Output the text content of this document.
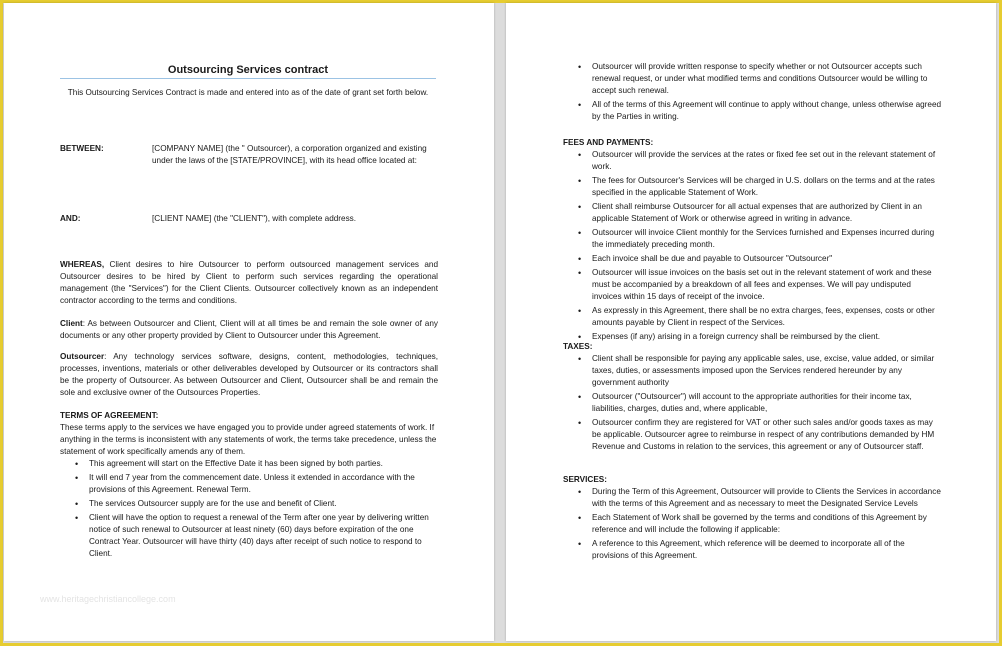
Outsourcing Services contract
This Outsourcing Services Contract is made and entered into as of the date of grant set forth below.
BETWEEN:	[COMPANY NAME] (the " Outsourcer), a corporation organized and existing under the laws of the [STATE/PROVINCE], with its head office located at:
AND:	[CLIENT NAME] (the "CLIENT"), with complete address.
WHEREAS, Client desires to hire Outsourcer to perform outsourced management services and Outsourcer desires to be hired by Client to perform such services regarding the operational management (the "Services") for the Client Clients. Outsourcer collectively known as an independent contractor according to the terms and conditions.
Client: As between Outsourcer and Client, Client will at all times be and remain the sole owner of any documents or any other property provided by Client to Outsourcer under this Agreement.
Outsourcer: Any technology services software, designs, content, methodologies, techniques, processes, inventions, materials or other deliverables developed by Outsourcer or its contractors shall be the property of Outsourcer. As between Outsourcer and Client, Outsourcer shall be and remain the sole and exclusive owner of the Outsources Properties.
TERMS OF AGREEMENT:
These terms apply to the services we have engaged you to provide under agreed statements of work. If anything in the terms is inconsistent with any statements of work, the terms take precedence, unless the statement of work specifically amends any of them.
• This agreement will start on the Effective Date it has been signed by both parties.
• It will end 7 year from the commencement date. Unless it extended in accordance with the provisions of this Agreement. Renewal Term.
• The services Outsourcer supply are for the use and benefit of Client.
• Client will have the option to request a renewal of the Term after one year by delivering written notice of such renewal to Outsourcer at least ninety (60) days before expiration of the one Contract Year. Outsourcer will have thirty (40) days after receipt of such notice to respond to Client.
www.heritagechristiancollege.com
• Outsourcer will provide written response to specify whether or not Outsourcer accepts such renewal request, or under what modified terms and conditions Outsourcer would be willing to accept such renewal.
• All of the terms of this Agreement will continue to apply without change, unless otherwise agreed by the Parties in writing.
FEES AND PAYMENTS:
• Outsourcer will provide the services at the rates or fixed fee set out in the relevant statement of work.
• The fees for Outsourcer's Services will be charged in U.S. dollars on the terms and at the rates specified in the applicable Statement of Work.
• Client shall reimburse Outsourcer for all actual expenses that are authorized by Client in an applicable Statement of Work or otherwise agreed in writing in advance.
• Outsourcer will invoice Client monthly for the Services furnished and Expenses incurred during the immediately preceding month.
• Each invoice shall be due and payable to Outsourcer "Outsourcer"
• Outsourcer will issue invoices on the basis set out in the relevant statement of work and these must be accompanied by a breakdown of all fees and expenses. We will pay undisputed invoices within 15 days of receipt of the invoice.
• As expressly in this Agreement, there shall be no extra charges, fees, expenses, costs or other amounts payable by Client in respect of the Services.
• Expenses (if any) arising in a foreign currency shall be reimbursed by the client.
TAXES:
• Client shall be responsible for paying any applicable sales, use, excise, value added, or similar taxes, duties, or assessments imposed upon the Services rendered hereunder by any government authority
• Outsourcer ("Outsourcer") will account to the appropriate authorities for their income tax, liabilities, charges, duties and, where applicable,
• Outsourcer confirm they are registered for VAT or other such sales and/or goods taxes as may be applicable. Outsourcer agree to reimburse in respect of any contributions demanded by HM Revenue and Customs in relation to the services, this agreement or any of Outsourcer staff.
SERVICES:
• During the Term of this Agreement, Outsourcer will provide to Clients the Services in accordance with the terms of this Agreement and as necessary to meet the Designated Service Levels
• Each Statement of Work shall be governed by the terms and conditions of this Agreement by reference and will include the following if applicable:
• A reference to this Agreement, which reference will be deemed to incorporate all of the provisions of this Agreement.
